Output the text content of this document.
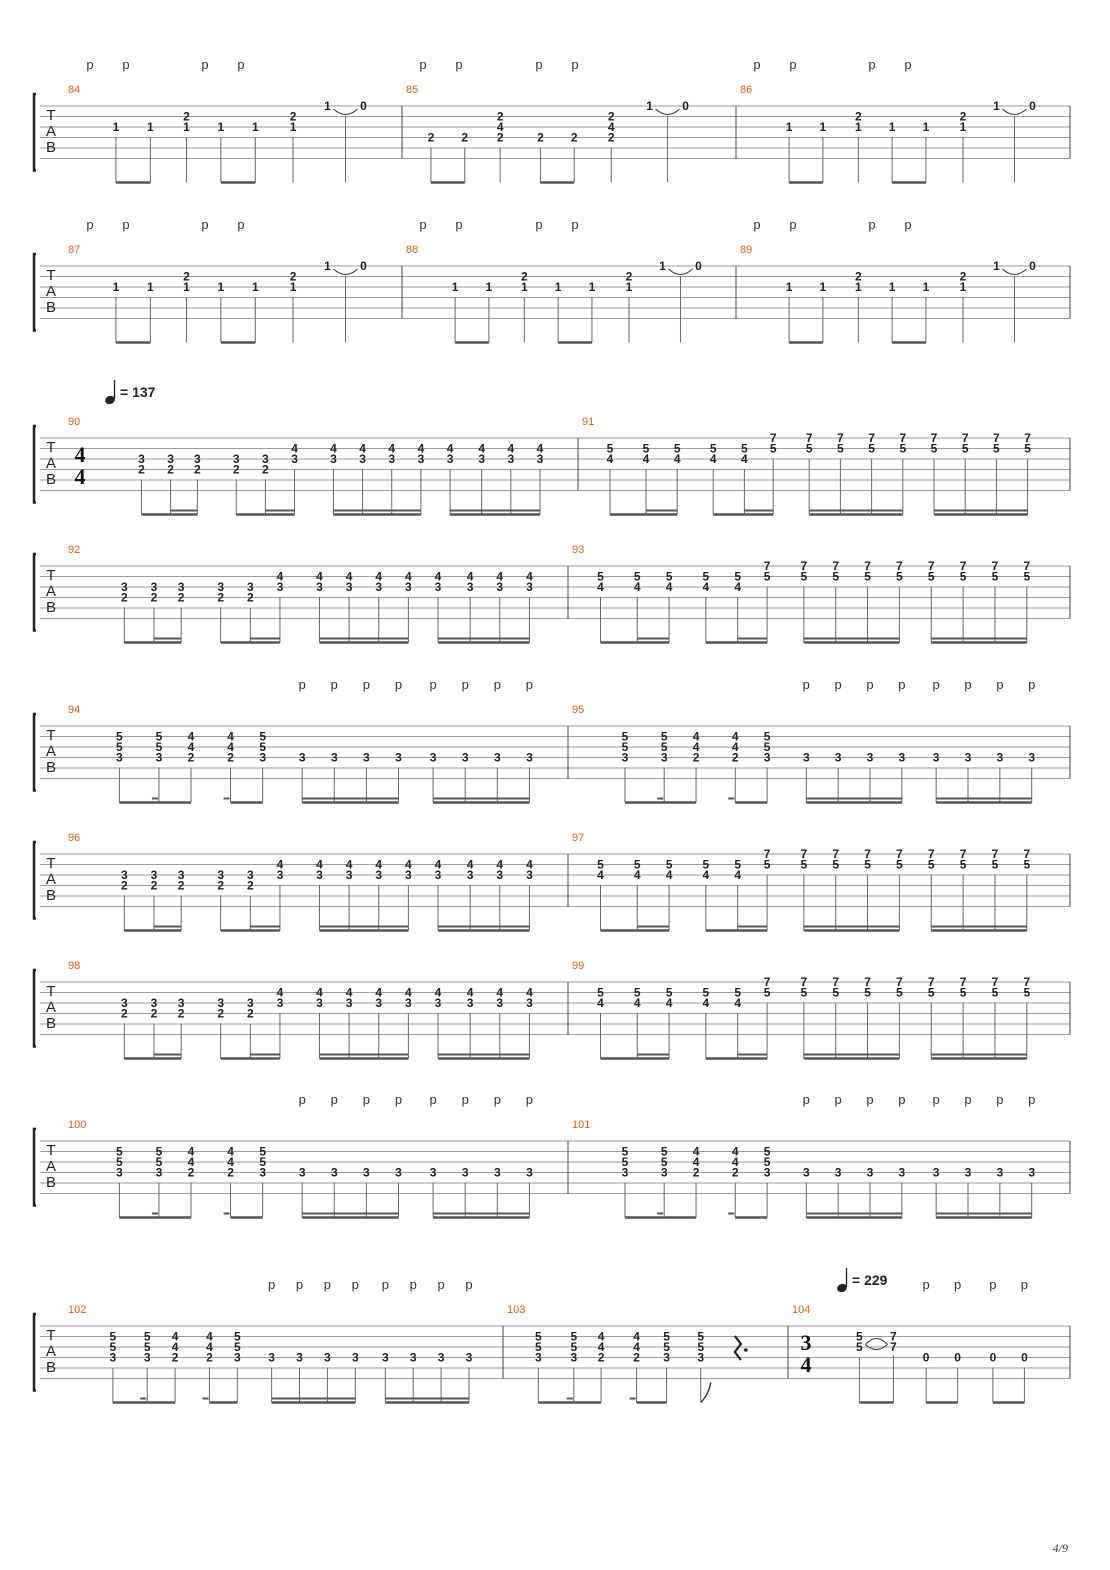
T
A
B
84
1 1
2
1 1 1
2
1
1 0
p p	p p
85
2 2
2
4
2	2 2
2
4
2
1 0
p p	p p
86
1 1
2
1 1 1
2
1
1 0
p p	p p
T
A
B
87
1 1
2
1 1 1
2
1
1 0
p p	p p
88
1 1
2
1 1 1
2
1
1 0
p p	p p
89
1 1
2
1 1 1
2
1
1 0
p p	p p
T
A
B
90
4
4
= 137
3
2
3
2
3
2
3
2
3
2
4
3
4
3
4
3
4
3
4
3
4
3
4
3
4
3
4
3
91
5
4
5
4
5
4
5
4
5
4
7
5
7
5
7
5
7
5
7
5
7
5
7
5
7
5
7
5
T
A
B
92
3
2
3
2
3
2
3
2
3
2
4
3
4
3
4
3
4
3
4
3
4
3
4
3
4
3
4
3
93
5
4
5
4
5
4
5
4
5
4
7
5
7
5
7
5
7
5
7
5
7
5
7
5
7
5
7
5
T
A
B
94
5
5
3
5
5
3
4
4
2
4
4
2
5
5
3	3 3 3 3 3 3 3 3
p p p p p p p p
95
5
5
3
5
5
3
4
4
2
4
4
2
5
5
3	3 3 3 3 3 3 3 3
p p p p p p p p
T
A
B
96
3
2
3
2
3
2
3
2
3
2
4
3
4
3
4
3
4
3
4
3
4
3
4
3
4
3
4
3
97
5
4
5
4
5
4
5
4
5
4
7
5
7
5
7
5
7
5
7
5
7
5
7
5
7
5
7
5
T
A
B
98
3
2
3
2
3
2
3
2
3
2
4
3
4
3
4
3
4
3
4
3
4
3
4
3
4
3
4
3
99
5
4
5
4
5
4
5
4
5
4
7
5
7
5
7
5
7
5
7
5
7
5
7
5
7
5
7
5
T
A
B
100
5
5
3
5
5
3
4
4
2
4
4
2
5
5
3	3 3 3 3 3 3 3 3
p p p p p p p p
101
5
5
3
5
5
3
4
4
2
4
4
2
5
5
3	3 3 3 3 3 3 3 3
p p p p p p p p
T
A
B
102
5
5
3
5
5
3
4
4
2
4
4
2
5
5
3 3 3 3 3 3 3 3 3
p p p p p p p p
103
5
5
3
5
5
3
4
4
2
4
4
2
5
5
3
5
5
3
104
3
4
= 229
5
5
7
7
0 0 0 0
p p p p
4/9
